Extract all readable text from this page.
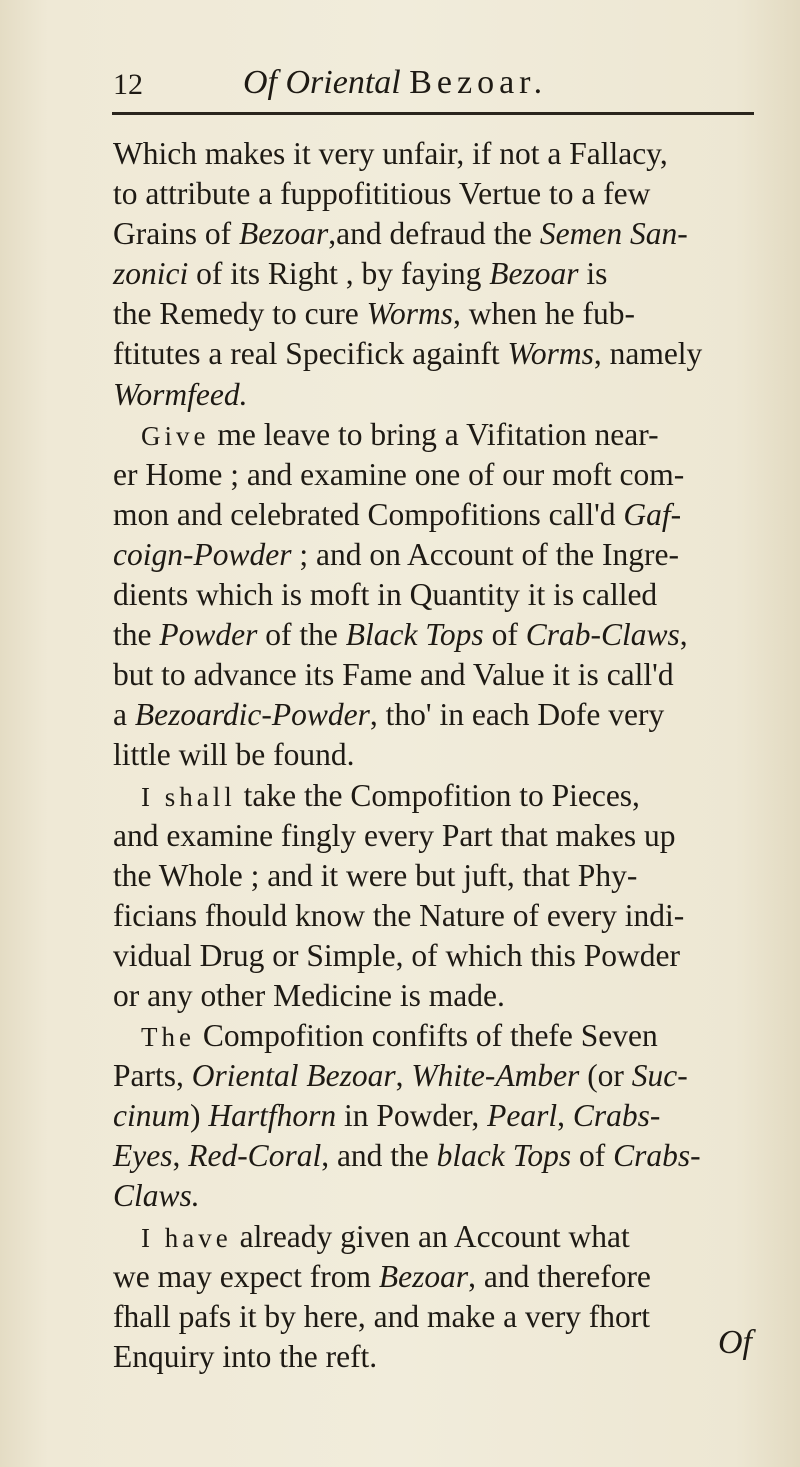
12	Of Oriental Bezoar.
Which makes it very unfair, if not a Fallacy,
to attribute a fuppofititious Vertue to a few
Grains of Bezoar,and defraud the Semen San-
zonici of its Right , by faying Bezoar is
the Remedy to cure Worms, when he fub-
ftitutes a real Specifick againft Worms, namely
Wormfeed.
Give me leave to bring a Vifitation near-
er Home ; and examine one of our moft com-
mon and celebrated Compofitions call'd Gaf-
coign-Powder ; and on Account of the Ingre-
dients which is moft in Quantity it is called
the Powder of the Black Tops of Crab-Claws,
but to advance its Fame and Value it is call'd
a Bezoardic-Powder, tho' in each Dofe very
little will be found.
I shall take the Compofition to Pieces,
and examine fingly every Part that makes up
the Whole ; and it were but juft, that Phy-
ficians fhould know the Nature of every indi-
vidual Drug or Simple, of which this Powder
or any other Medicine is made.
The Compofition confifts of thefe Seven
Parts, Oriental Bezoar, White-Amber (or Suc-
cinum) Hartfhorn in Powder, Pearl, Crabs-
Eyes, Red-Coral, and the black Tops of Crabs-
Claws.
I have already given an Account what
we may expect from Bezoar, and therefore
fhall pafs it by here, and make a very fhort
Enquiry into the reft.	Of
